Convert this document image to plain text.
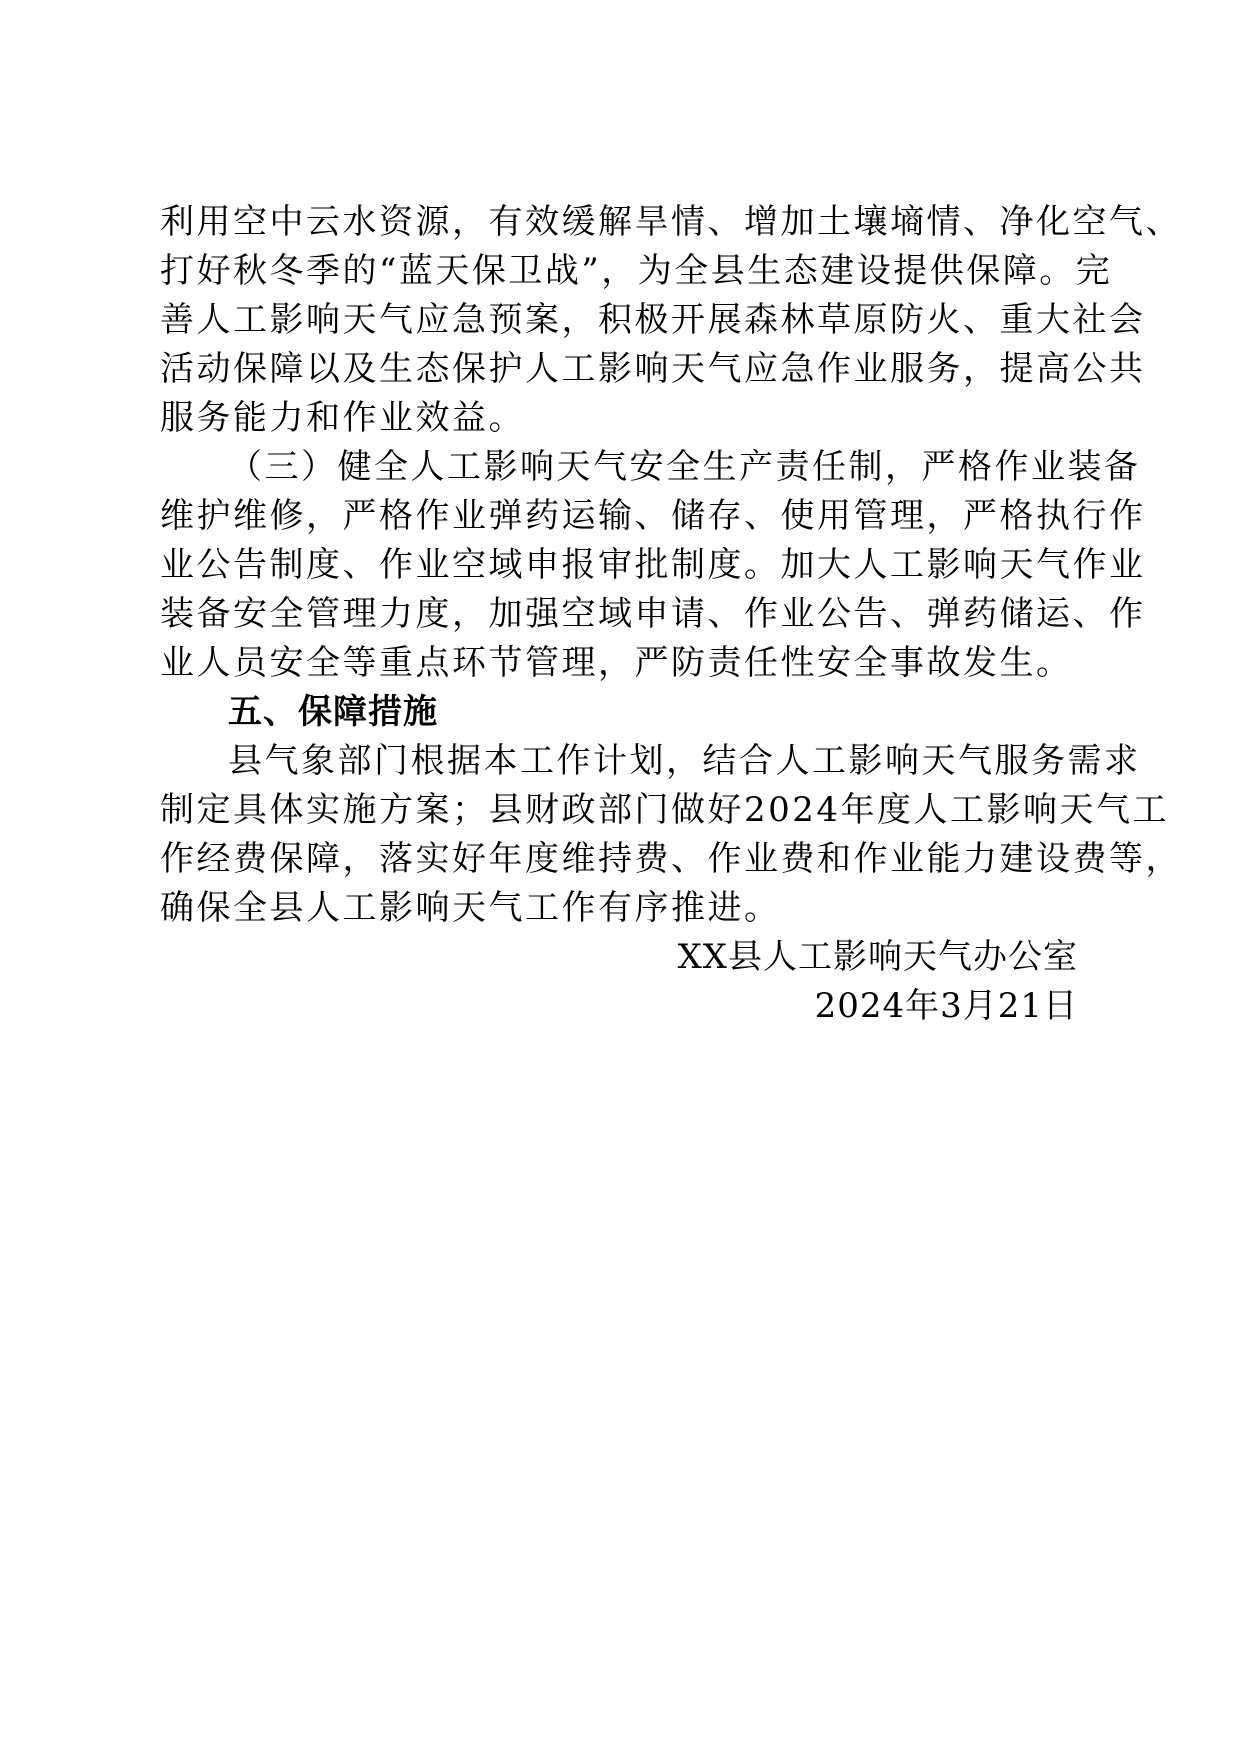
利用空中云水资源，有效缓解旱情、增加土壤墒情、净化空气、
打好秋冬季的“蓝天保卫战”，为全县生态建设提供保障。完
善人工影响天气应急预案，积极开展森林草原防火、重大社会
活动保障以及生态保护人工影响天气应急作业服务，提高公共
服务能力和作业效益。
（三）健全人工影响天气安全生产责任制，严格作业装备
维护维修，严格作业弹药运输、储存、使用管理，严格执行作
业公告制度、作业空域申报审批制度。加大人工影响天气作业
装备安全管理力度，加强空域申请、作业公告、弹药储运、作
业人员安全等重点环节管理，严防责任性安全事故发生。
五、保障措施
县气象部门根据本工作计划，结合人工影响天气服务需求
制定具体实施方案；县财政部门做好2024年度人工影响天气工
作经费保障，落实好年度维持费、作业费和作业能力建设费等，
确保全县人工影响天气工作有序推进。
XX县人工影响天气办公室
2024年3月21日
